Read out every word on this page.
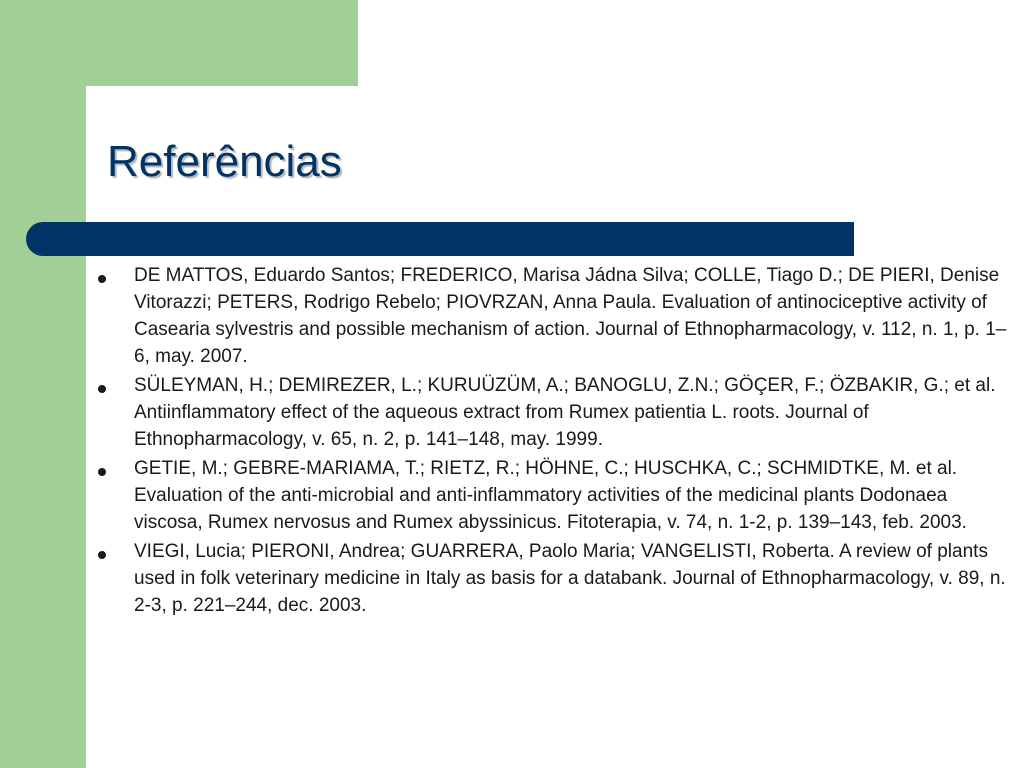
Referências
DE MATTOS, Eduardo Santos; FREDERICO, Marisa Jádna Silva; COLLE, Tiago D.; DE PIERI, Denise Vitorazzi; PETERS, Rodrigo Rebelo; PIOVRZAN, Anna Paula. Evaluation of antinociceptive activity of Casearia sylvestris and possible mechanism of action. Journal of Ethnopharmacology, v. 112, n. 1, p. 1–6, may. 2007.
SÜLEYMAN, H.; DEMIREZER, L.; KURUÜZÜM, A.; BANOGLU, Z.N.; GÖÇER, F.; ÖZBAKIR, G.; et al. Antiinflammatory effect of the aqueous extract from Rumex patientia L. roots. Journal of Ethnopharmacology, v. 65, n. 2, p. 141–148, may. 1999.
GETIE, M.; GEBRE-MARIAMA, T.; RIETZ, R.; HÖHNE, C.; HUSCHKA, C.; SCHMIDTKE, M. et al. Evaluation of the anti-microbial and anti-inflammatory activities of the medicinal plants Dodonaea viscosa, Rumex nervosus and Rumex abyssinicus. Fitoterapia, v. 74, n. 1-2, p. 139–143, feb. 2003.
VIEGI, Lucia; PIERONI, Andrea; GUARRERA, Paolo Maria; VANGELISTI, Roberta. A review of plants used in folk veterinary medicine in Italy as basis for a databank. Journal of Ethnopharmacology, v. 89, n. 2-3, p. 221–244, dec. 2003.
